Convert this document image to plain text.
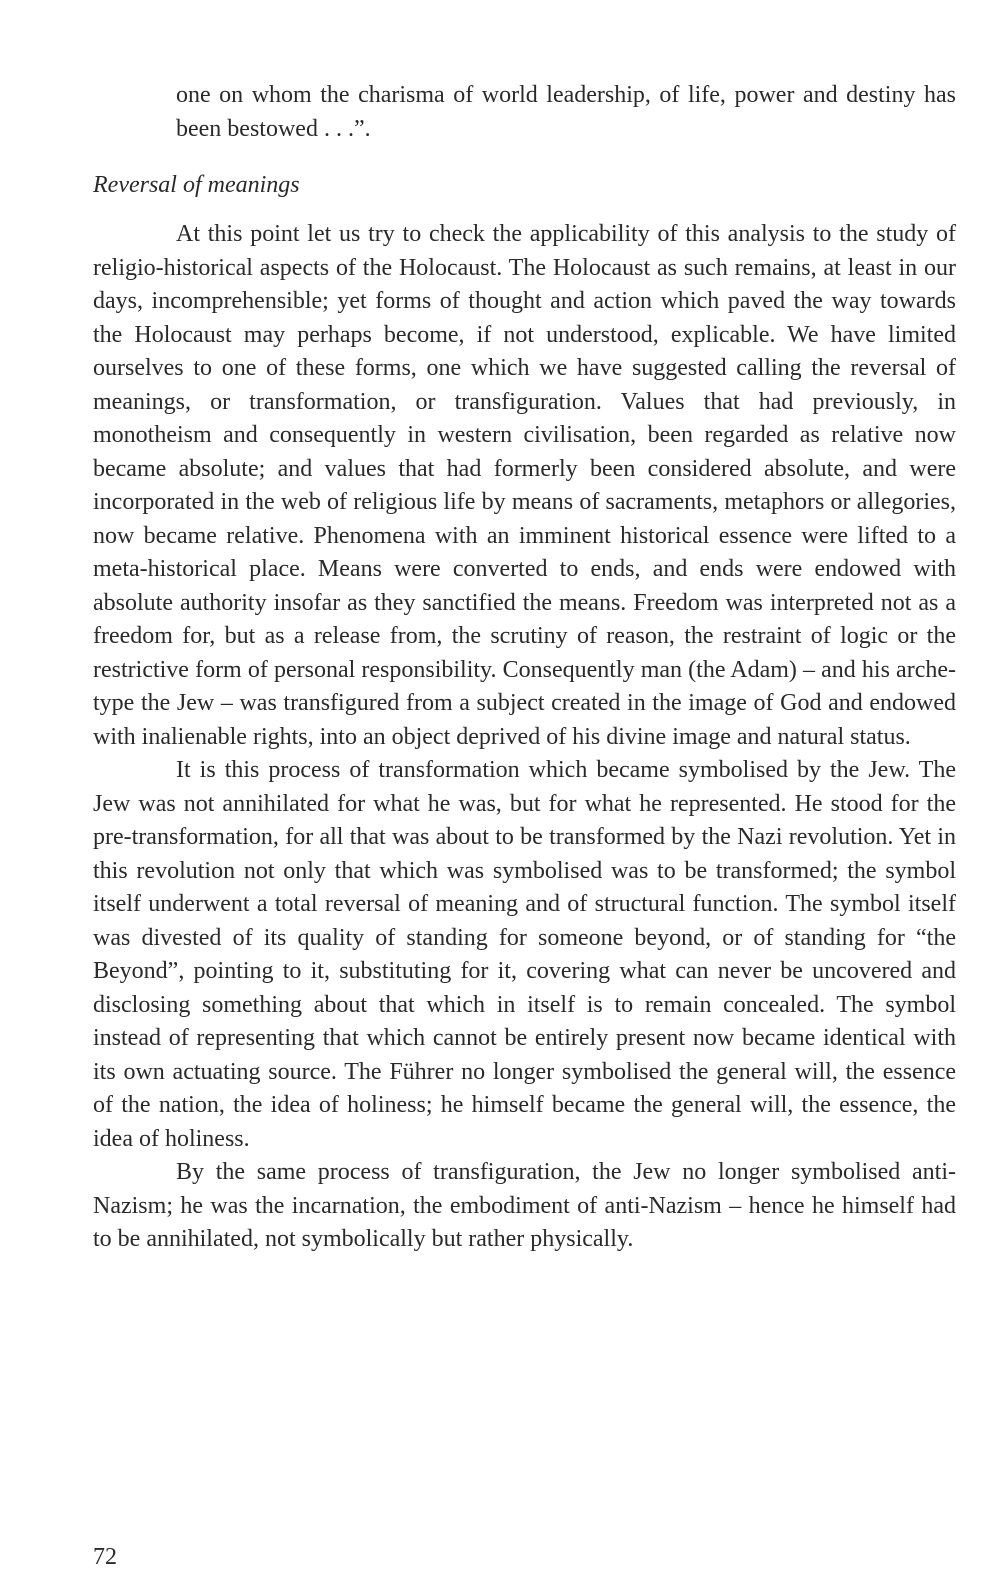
one on whom the charisma of world leadership, of life, power and destiny has been bestowed . . .”.

Reversal of meanings

At this point let us try to check the applicability of this analysis to the study of religio-historical aspects of the Holocaust. The Holocaust as such remains, at least in our days, incomprehensible; yet forms of thought and action which paved the way towards the Holocaust may perhaps become, if not understood, explicable. We have limited ourselves to one of these forms, one which we have suggested calling the reversal of meanings, or transformation, or transfiguration. Values that had previously, in monotheism and consequently in western civilisation, been regarded as relative now became absolute; and values that had formerly been considered absolute, and were incorporated in the web of religious life by means of sacraments, metaphors or allegories, now became relative. Phenomena with an imminent historical essence were lifted to a meta-historical place. Means were converted to ends, and ends were endowed with absolute authority insofar as they sanctified the means. Freedom was interpreted not as a freedom for, but as a release from, the scrutiny of reason, the restraint of logic or the restrictive form of personal responsibility. Consequently man (the Adam) – and his arche-type the Jew – was transfigured from a subject created in the image of God and endowed with inalienable rights, into an object deprived of his divine image and natural status.

It is this process of transformation which became symbolised by the Jew. The Jew was not annihilated for what he was, but for what he represented. He stood for the pre-transformation, for all that was about to be transformed by the Nazi revolution. Yet in this revolution not only that which was symbolised was to be transformed; the symbol itself underwent a total reversal of meaning and of structural function. The symbol itself was divested of its quality of standing for someone beyond, or of standing for “the Beyond”, pointing to it, substituting for it, covering what can never be uncovered and disclosing something about that which in itself is to remain concealed. The symbol instead of representing that which cannot be entirely present now became identical with its own actuating source. The Führer no longer symbolised the general will, the essence of the nation, the idea of holiness; he himself became the general will, the essence, the idea of holiness.

By the same process of transfiguration, the Jew no longer symbolised anti-Nazism; he was the incarnation, the embodiment of anti-Nazism – hence he himself had to be annihilated, not symbolically but rather physically.

72
